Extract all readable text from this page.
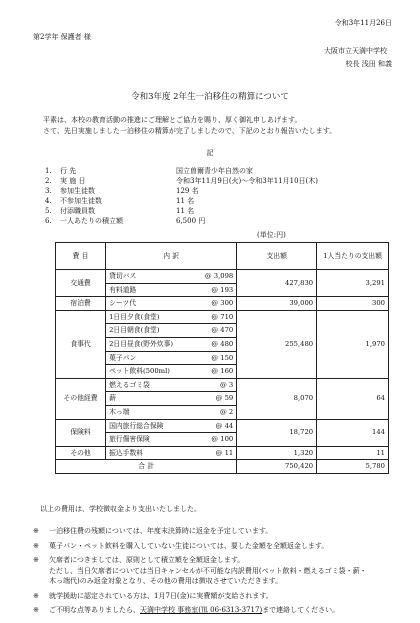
令和3年11月26日
第2学年 保護者 様
大阪市立天満中学校
校長 浅田 和義
令和3年度 2年生一泊移住の精算について
平素は、本校の教育活動の推進にご理解とご協力を賜り、厚く御礼申しあげます。
さて、先日実施しました一泊移住の精算が完了しましたので、下記のとおり報告いたします。
記
1. 行 先	国立曽爾青少年自然の家
2. 実 施 日	令和3年11月9日(火)～令和3年11月10日(木)
3. 参加生徒数	129 名
4. 不参加生徒数	11 名
5. 付添職員数	11 名
6. 一人あたりの積立額	6,500 円
(単位:円)
費 目	内 訳		支出額	1人当たりの支出額
交通費	貸切バス	@ 3,098	427,830	3,291
	有料道路	@ 193		
宿泊費	シーツ代	@ 300	39,000	300
食事代	1日目夕食(食堂)	@ 710	255,480	1,970
	2日目朝食(食堂)	@ 470		
	2日目昼食(野外炊事)	@ 480		
	菓子パン	@ 150		
	ペット飲料(500ml)	@ 160		
その他経費	燃えるゴミ袋	@ 3	8,070	64
	薪	@ 59		
	木っ端	@ 2		
保険料	国内旅行総合保険	@ 44	18,720	144
	旅行傷害保険	@ 100		
その他	振込手数料	@ 11	1,320	11
合 計			750,420	5,780
以上の費用は、学校徴収金より支出いたしました。
※ 一泊移住費の残額については、年度末決算時に返金を予定しています。
※ 菓子パン・ペット飲料を購入していない生徒については、要した金額を全額返金します。
※ 欠席者につきましては、原則として積立額を全額返金します。
ただし、当日欠席者については当日キャンセルが不可能な内訳費用(ペット飲料・燃えるゴミ袋・薪・
木っ端代)のみ返金対象となり、その他の費用は徴収させていただきます。
※ 就学援助に認定されている方は、1月7日(金)に実費額が支給されます。
※ ご不明な点等ありましたら、天満中学校 事務室(℡ 06-6313-3717)まで連絡してください。
